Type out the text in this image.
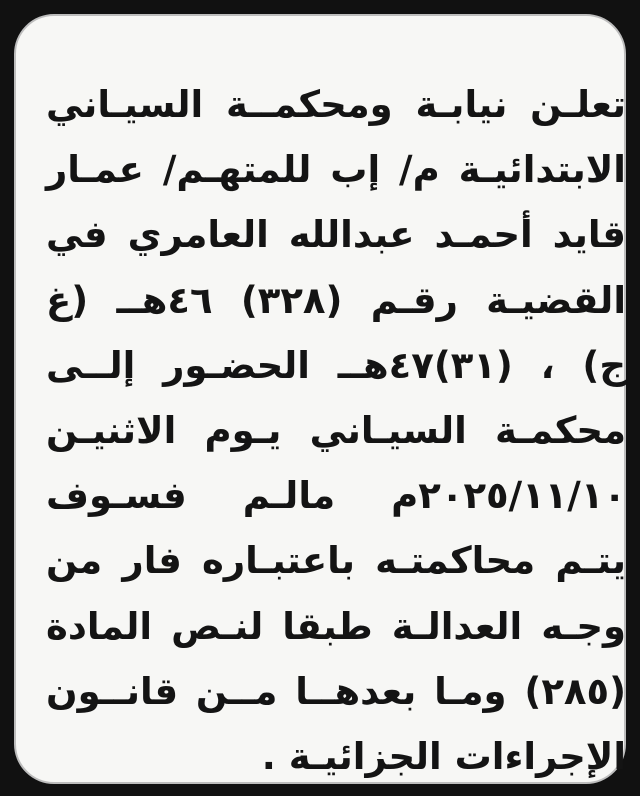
تعلـن نيابـة ومحكمــة السيـاني
الابتدائيـة م/ إب للمتهـم/ عمـار
قايد أحمـد عبدالله العامري في
القضيـة رقـم (٣٢٨) ٤٦هــ (غ
ج) ، (٣١)٤٧هــ الحضـور إلــى
محكمـة السيـاني يـوم الاثنيـن
٢٠٢٥/١١/١٠م مالـم فسـوف
يتـم محاكمتـه باعتبـاره فار من
وجـه العدالـة طبقا لنـص المادة
(٢٨٥) ومـا بعدهــا مــن قانــون
الإجراءات الجزائيـة .
